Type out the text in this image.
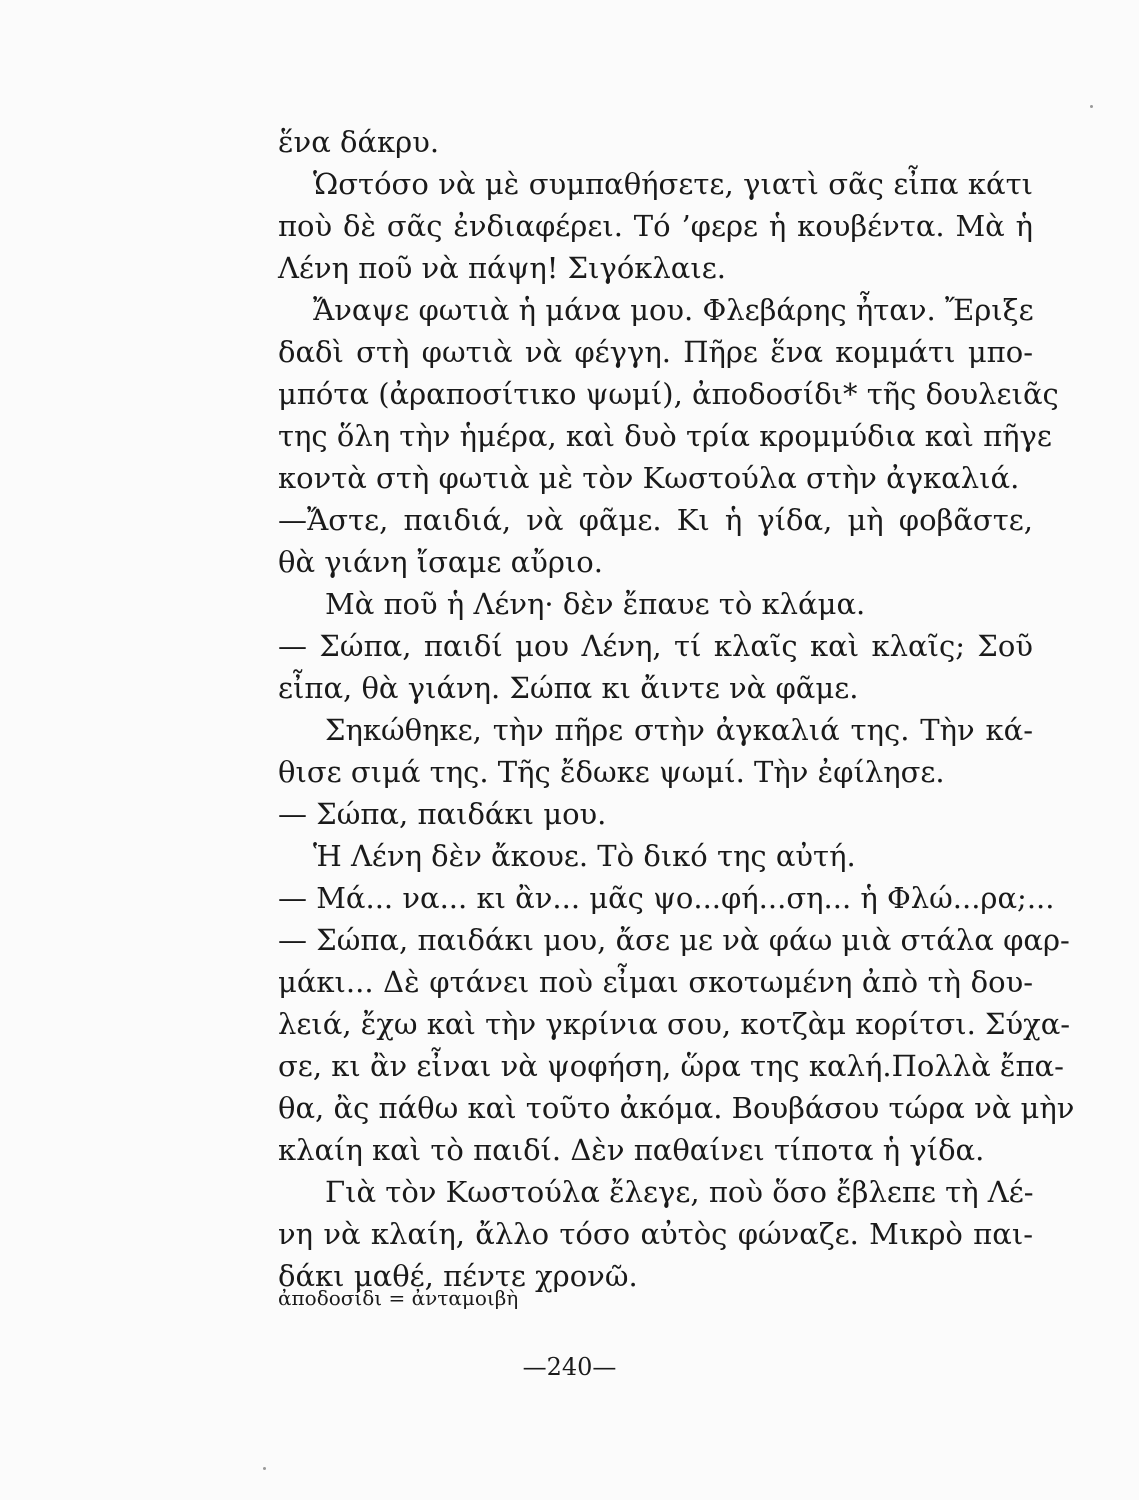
ἕνα δάκρυ.
Ὡστόσο νὰ μὲ συμπαθήσετε, γιατὶ σᾶς εἶπα κάτι
ποὺ δὲ σᾶς ἐνδιαφέρει. Τό ’φερε ἡ κουβέντα. Μὰ ἡ
Λένη ποῦ νὰ πάψη! Σιγόκλαιε.
Ἄναψε φωτιὰ ἡ μάνα μου. Φλεβάρης ἦταν. Ἔριξε
δαδὶ στὴ φωτιὰ νὰ φέγγη. Πῆρε ἕνα κομμάτι μπο-
μπότα (ἀραποσίτικο ψωμί), ἀποδοσίδι* τῆς δουλειᾶς
της ὅλη τὴν ἡμέρα, καὶ δυὸ τρία κρομμύδια καὶ πῆγε
κοντὰ στὴ φωτιὰ μὲ τὸν Κωστούλα στὴν ἀγκαλιά.
—Ἄστε, παιδιά, νὰ φᾶμε. Κι ἡ γίδα, μὴ φοβᾶστε,
θὰ γιάνη ἴσαμε αὔριο.
Μὰ ποῦ ἡ Λένη· δὲν ἔπαυε τὸ κλάμα.
— Σώπα, παιδί μου Λένη, τί κλαῖς καὶ κλαῖς; Σοῦ
εἶπα, θὰ γιάνη. Σώπα κι ἄιντε νὰ φᾶμε.
Σηκώθηκε, τὴν πῆρε στὴν ἀγκαλιά της. Τὴν κά-
θισε σιμά της. Τῆς ἔδωκε ψωμί. Τὴν ἐφίλησε.
— Σώπα, παιδάκι μου.
Ἡ Λένη δὲν ἄκουε. Τὸ δικό της αὐτή.
— Μά... να... κι ἂν... μᾶς ψο...φή...ση... ἡ Φλώ...ρα;...
— Σώπα, παιδάκι μου, ἄσε με νὰ φάω μιὰ στάλα φαρ-
μάκι... Δὲ φτάνει ποὺ εἶμαι σκοτωμένη ἀπὸ τὴ δου-
λειά, ἔχω καὶ τὴν γκρίνια σου, κοτζὰμ κορίτσι. Σύχα-
σε, κι ἂν εἶναι νὰ ψοφήση, ὥρα της καλή.Πολλὰ ἔπα-
θα, ἂς πάθω καὶ τοῦτο ἀκόμα. Βουβάσου τώρα νὰ μὴν
κλαίη καὶ τὸ παιδί. Δὲν παθαίνει τίποτα ἡ γίδα.
Γιὰ τὸν Κωστούλα ἔλεγε, ποὺ ὅσο ἔβλεπε τὴ Λέ-
νη νὰ κλαίη, ἄλλο τόσο αὐτὸς φώναζε. Μικρὸ παι-
δάκι μαθέ, πέντε χρονῶ.
ἀποδοσίδι = ἀνταμοιβὴ
—240—
